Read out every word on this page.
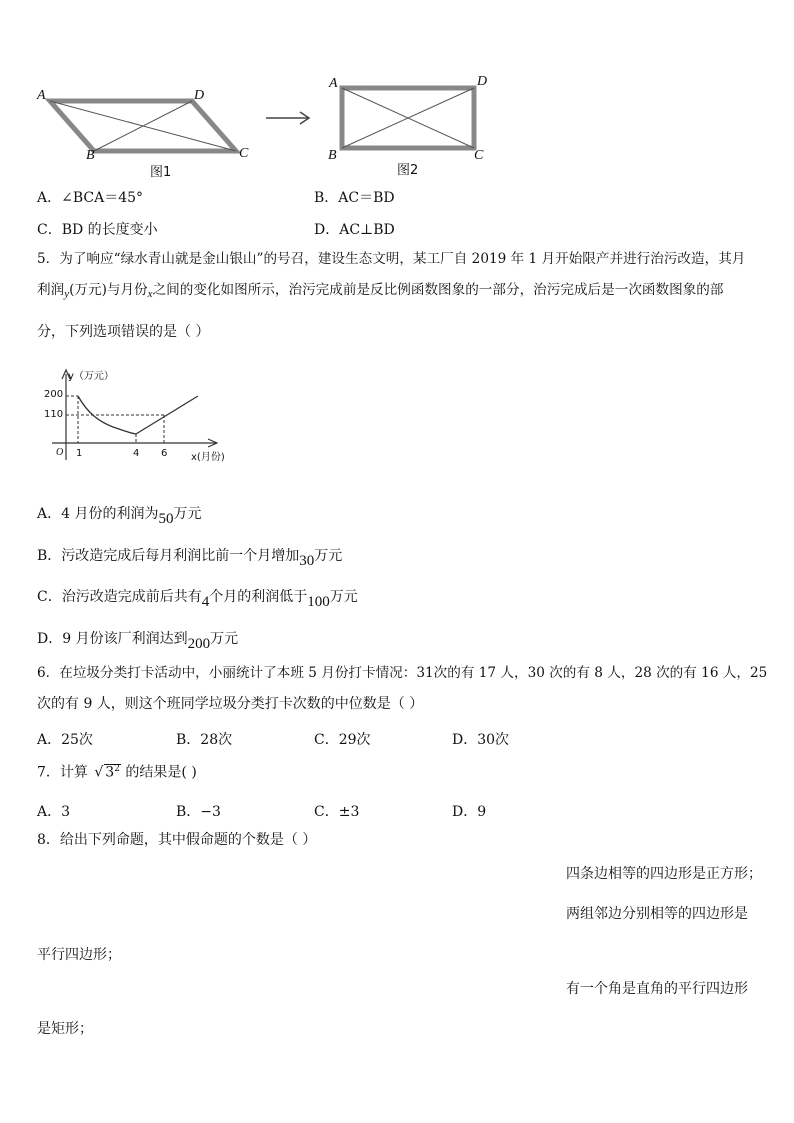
A	D
B	C
图1
A	D
B	C
图2
A．∠BCA＝45°	B．AC＝BD
C．BD 的长度变小	D．AC⊥BD
5．为了响应“绿水青山就是金山银山”的号召，建设生态文明，某工厂自 2019 年 1 月开始限产并进行治污改造，其月
利润$_y$(万元)与月份$_x$之间的变化如图所示，治污完成前是反比例函数图象的一部分，治污完成后是一次函数图象的部
分，下列选项错误的是（ ）
y（万元）
200
110
O 1	4 6 x(月份)
A．4 月份的利润为50万元
B．污改造完成后每月利润比前一个月增加30万元
C．治污改造完成前后共有4个月的利润低于100万元
D．9 月份该厂利润达到200万元
6．在垃圾分类打卡活动中，小丽统计了本班 5 月份打卡情况：31次的有 17 人，30 次的有 8 人，28 次的有 16 人，25
次的有 9 人，则这个班同学垃圾分类打卡次数的中位数是（ ）
A．25次	B．28次	C．29次	D．30次
7．计算 √ $3^2$ 的结果是( )
A．3	B．−3	C．±3	D．9
8．给出下列命题，其中假命题的个数是（ ）
四条边相等的四边形是正方形；
两组邻边分别相等的四边形是
平行四边形；
有一个角是直角的平行四边形
是矩形；
